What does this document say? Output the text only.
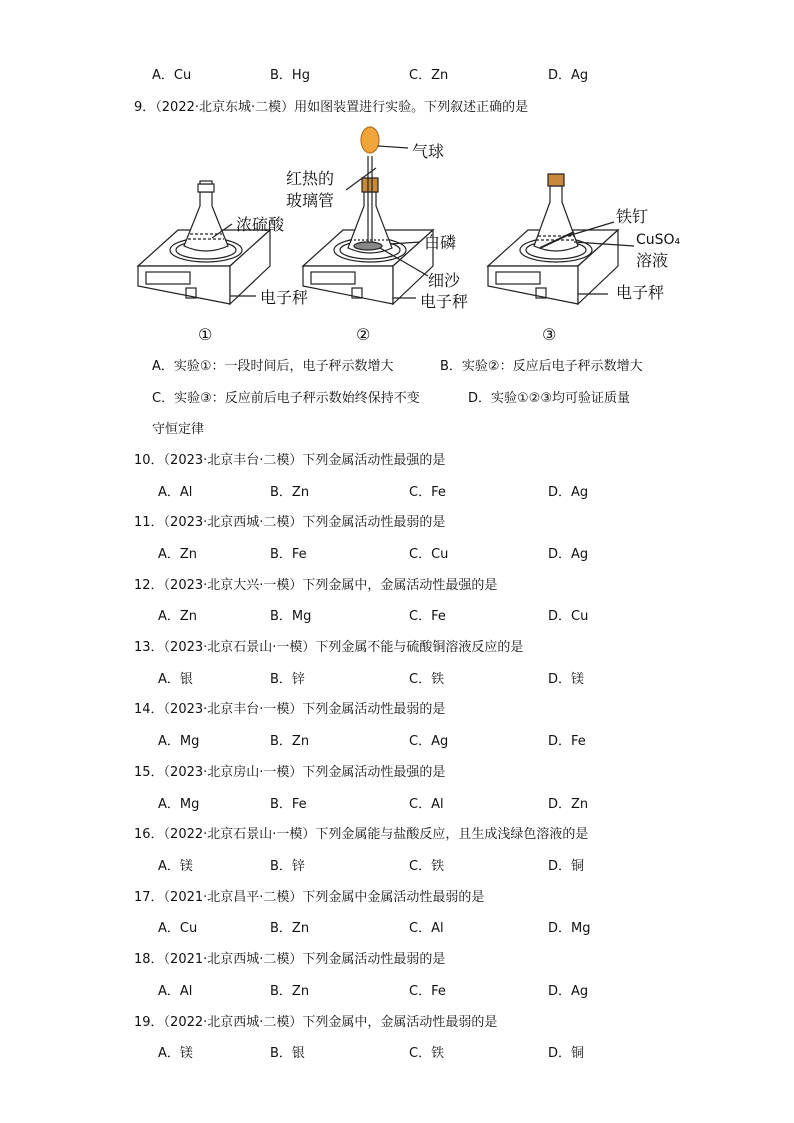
A．Cu	B．Hg	C．Zn	D．Ag
9．（2022·北京东城·二模）用如图装置进行实验。下列叙述正确的是
浓硫酸
电子秤
①
气球
红热的
玻璃管
白磷
细沙
电子秤
②
铁钉
CuSO₄
溶液
电子秤
③
A．实验①：一段时间后，电子秤示数增大	B．实验②：反应后电子秤示数增大
C．实验③：反应前后电子秤示数始终保持不变	D．实验①②③均可验证质量
守恒定律
10．（2023·北京丰台·二模）下列金属活动性最强的是
A．Al	B．Zn	C．Fe	D．Ag
11．（2023·北京西城·二模）下列金属活动性最弱的是
A．Zn	B．Fe	C．Cu	D．Ag
12．（2023·北京大兴·一模）下列金属中，金属活动性最强的是
A．Zn	B．Mg	C．Fe	D．Cu
13．（2023·北京石景山·一模）下列金属不能与硫酸铜溶液反应的是
A．银	B．锌	C．铁	D．镁
14．（2023·北京丰台·一模）下列金属活动性最弱的是
A．Mg	B．Zn	C．Ag	D．Fe
15．（2023·北京房山·一模）下列金属活动性最强的是
A．Mg	B．Fe	C．Al	D．Zn
16．（2022·北京石景山·一模）下列金属能与盐酸反应，且生成浅绿色溶液的是
A．镁	B．锌	C．铁	D．铜
17．（2021·北京昌平·二模）下列金属中金属活动性最弱的是
A．Cu	B．Zn	C．Al	D．Mg
18．（2021·北京西城·二模）下列金属活动性最弱的是
A．Al	B．Zn	C．Fe	D．Ag
19．（2022·北京西城·二模）下列金属中，金属活动性最弱的是
A．镁	B．银	C．铁	D．铜
